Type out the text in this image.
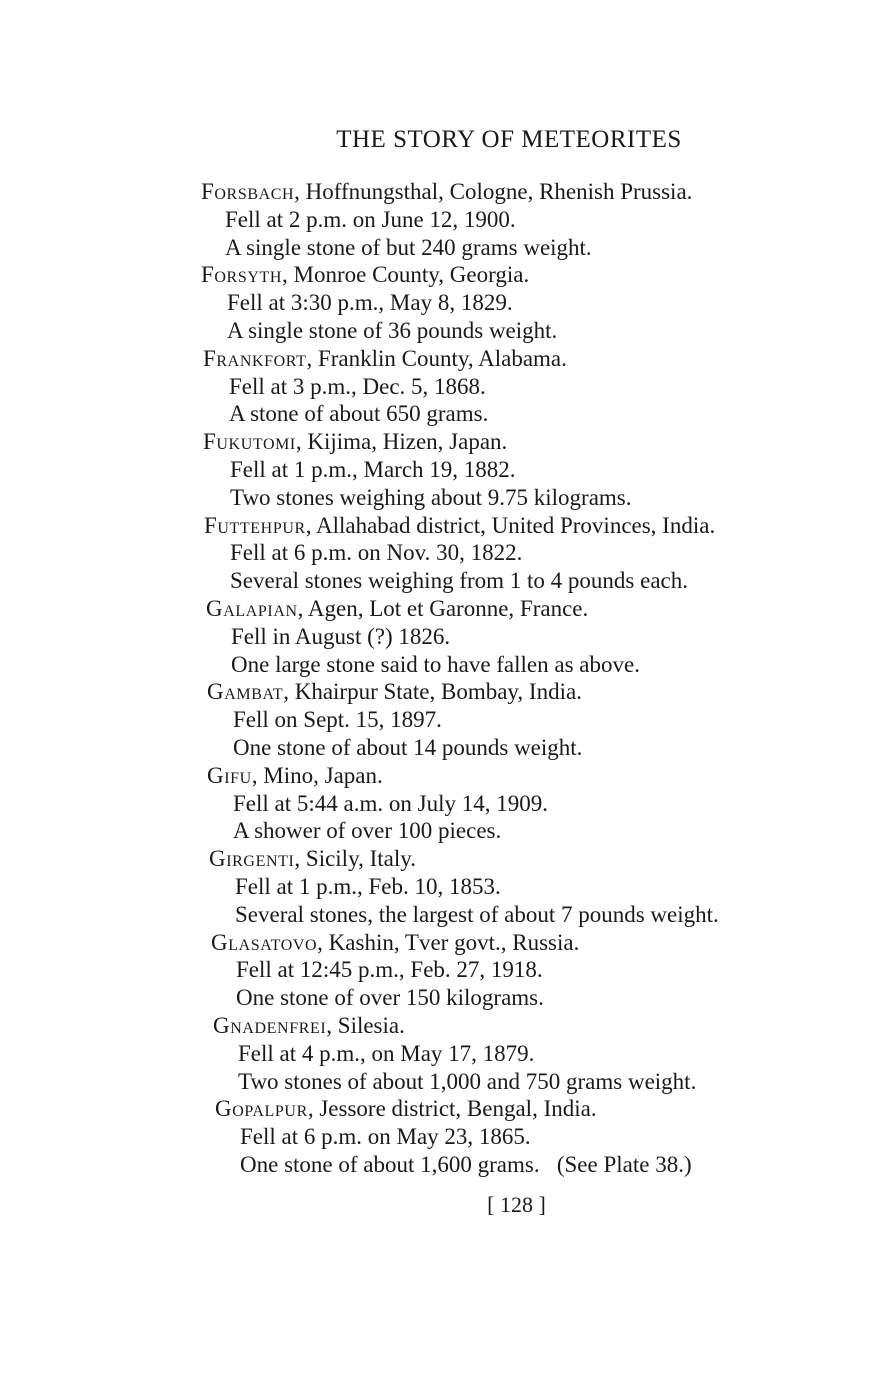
THE STORY OF METEORITES
Forsbach, Hoffnungsthal, Cologne, Rhenish Prussia.
Fell at 2 p.m. on June 12, 1900.
A single stone of but 240 grams weight.
Forsyth, Monroe County, Georgia.
Fell at 3:30 p.m., May 8, 1829.
A single stone of 36 pounds weight.
Frankfort, Franklin County, Alabama.
Fell at 3 p.m., Dec. 5, 1868.
A stone of about 650 grams.
Fukutomi, Kijima, Hizen, Japan.
Fell at 1 p.m., March 19, 1882.
Two stones weighing about 9.75 kilograms.
Futtehpur, Allahabad district, United Provinces, India.
Fell at 6 p.m. on Nov. 30, 1822.
Several stones weighing from 1 to 4 pounds each.
Galapian, Agen, Lot et Garonne, France.
Fell in August (?) 1826.
One large stone said to have fallen as above.
Gambat, Khairpur State, Bombay, India.
Fell on Sept. 15, 1897.
One stone of about 14 pounds weight.
Gifu, Mino, Japan.
Fell at 5:44 a.m. on July 14, 1909.
A shower of over 100 pieces.
Girgenti, Sicily, Italy.
Fell at 1 p.m., Feb. 10, 1853.
Several stones, the largest of about 7 pounds weight.
Glasatovo, Kashin, Tver govt., Russia.
Fell at 12:45 p.m., Feb. 27, 1918.
One stone of over 150 kilograms.
Gnadenfrei, Silesia.
Fell at 4 p.m., on May 17, 1879.
Two stones of about 1,000 and 750 grams weight.
Gopalpur, Jessore district, Bengal, India.
Fell at 6 p.m. on May 23, 1865.
One stone of about 1,600 grams.   (See Plate 38.)
[ 128 ]
